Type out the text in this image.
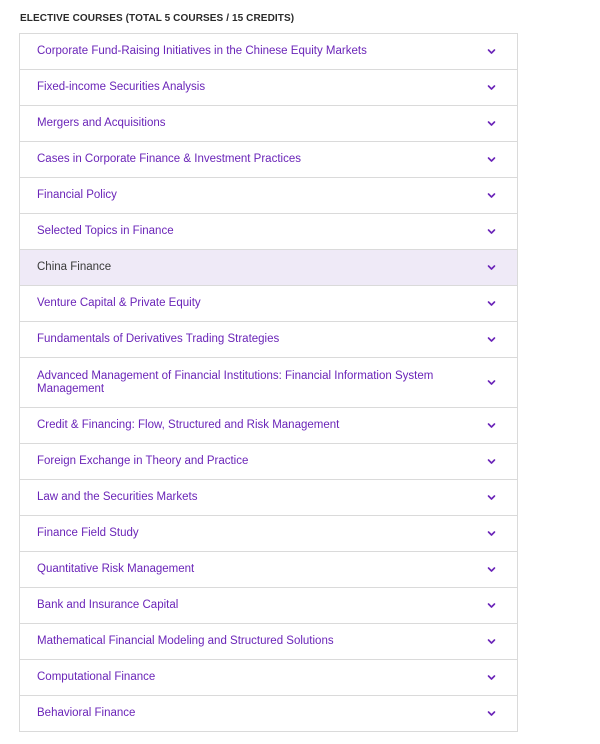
ELECTIVE COURSES (TOTAL 5 COURSES / 15 CREDITS)
Corporate Fund-Raising Initiatives in the Chinese Equity Markets
Fixed-income Securities Analysis
Mergers and Acquisitions
Cases in Corporate Finance & Investment Practices
Financial Policy
Selected Topics in Finance
China Finance
Venture Capital & Private Equity
Fundamentals of Derivatives Trading Strategies
Advanced Management of Financial Institutions: Financial Information System Management
Credit & Financing: Flow, Structured and Risk Management
Foreign Exchange in Theory and Practice
Law and the Securities Markets
Finance Field Study
Quantitative Risk Management
Bank and Insurance Capital
Mathematical Financial Modeling and Structured Solutions
Computational Finance
Behavioral Finance
